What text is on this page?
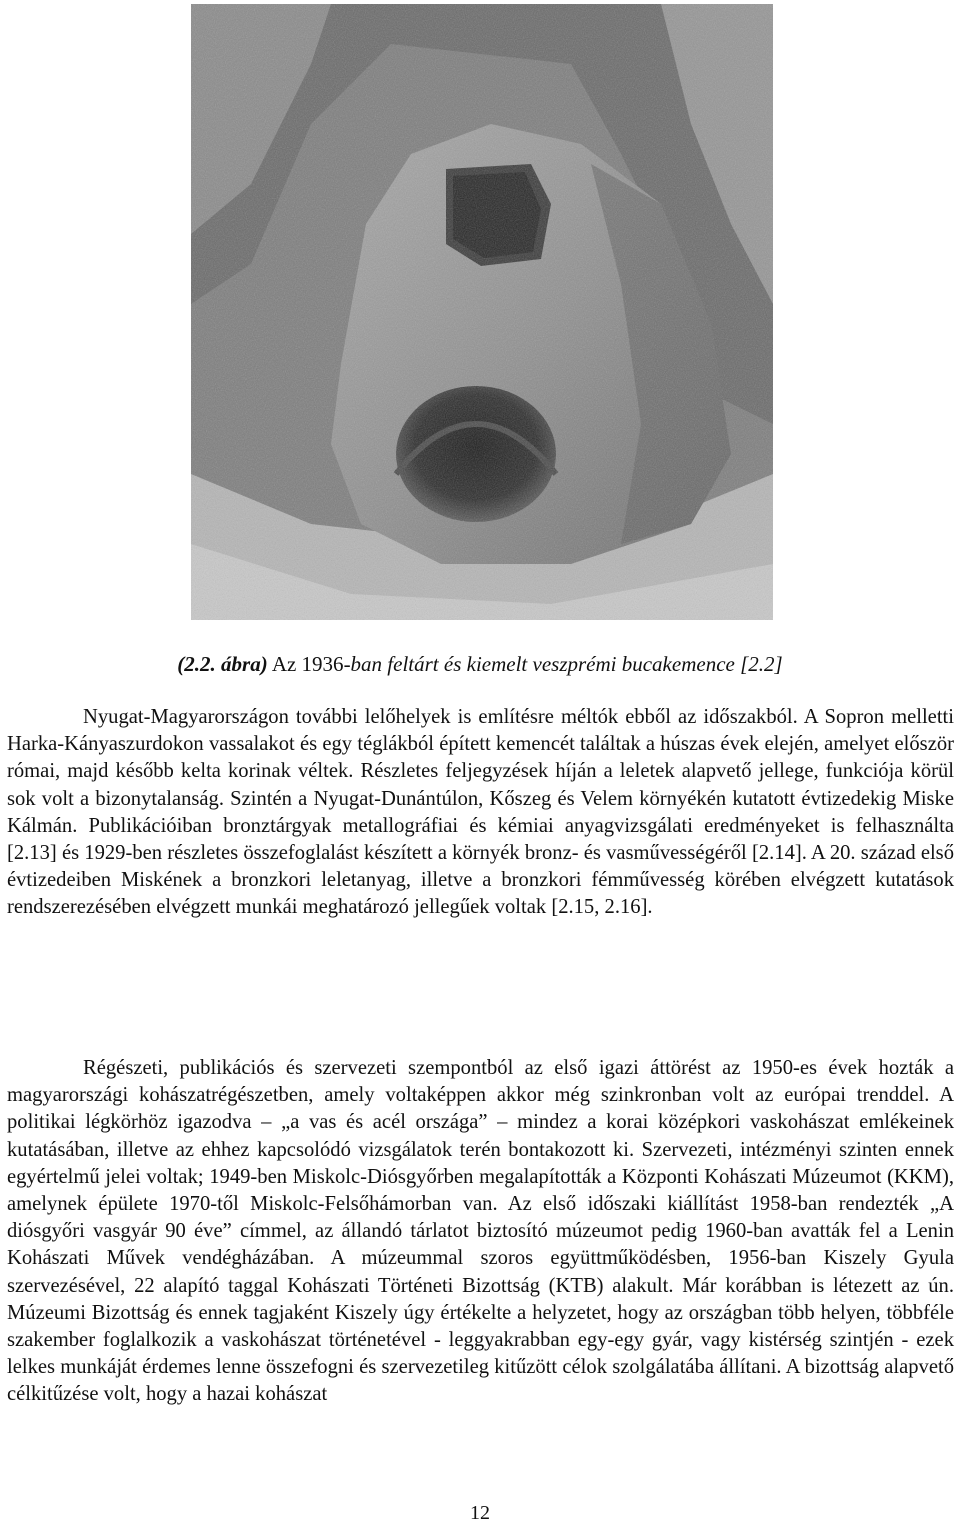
(2.2. ábra) Az 1936-ban feltárt és kiemelt veszprémi bucakemence [2.2]

Nyugat-Magyarországon további lelőhelyek is említésre méltók ebből az időszakból. A Sopron melletti Harka-Kányaszurdokon vassalakot és egy téglákból épített kemencét találtak a húszas évek elején, amelyet először római, majd később kelta korinak véltek. Részletes feljegyzések híján a leletek alapvető jellege, funkciója körül sok volt a bizonytalanság. Szintén a Nyugat-Dunántúlon, Kőszeg és Velem környékén kutatott évtizedekig Miske Kálmán. Publikációiban bronztárgyak metallográfiai és kémiai anyagvizsgálati eredményeket is felhasználta [2.13] és 1929-ben részletes összefoglalást készített a környék bronz- és vasművességéről [2.14]. A 20. század első évtizedeiben Miskének a bronzkori leletanyag, illetve a bronzkori fémművesség körében elvégzett kutatások rendszerezésében elvégzett munkái meghatározó jellegűek voltak [2.15, 2.16].

Régészeti, publikációs és szervezeti szempontból az első igazi áttörést az 1950-es évek hozták a magyarországi kohászatrégészetben, amely voltaképpen akkor még szinkronban volt az európai trenddel. A politikai légkörhöz igazodva – „a vas és acél országa” – mindez a korai középkori vaskohászat emlékeinek kutatásában, illetve az ehhez kapcsolódó vizsgálatok terén bontakozott ki. Szervezeti, intézményi szinten ennek egyértelmű jelei voltak; 1949-ben Miskolc-Diósgyőrben megalapították a Központi Kohászati Múzeumot (KKM), amelynek épülete 1970-től Miskolc-Felsőhámorban van. Az első időszaki kiállítást 1958-ban rendezték „A diósgyőri vasgyár 90 éve” címmel, az állandó tárlatot biztosító múzeumot pedig 1960-ban avatták fel a Lenin Kohászati Művek vendégházában. A múzeummal szoros együttműködésben, 1956-ban Kiszely Gyula szervezésével, 22 alapító taggal Kohászati Történeti Bizottság (KTB) alakult. Már korábban is létezett az ún. Múzeumi Bizottság és ennek tagjaként Kiszely úgy értékelte a helyzetet, hogy az országban több helyen, többféle szakember foglalkozik a vaskohászat történetével - leggyakrabban egy-egy gyár, vagy kistérség szintjén - ezek lelkes munkáját érdemes lenne összefogni és szervezetileg kitűzött célok szolgálatába állítani. A bizottság alapvető célkitűzése volt, hogy a hazai kohászat

12
